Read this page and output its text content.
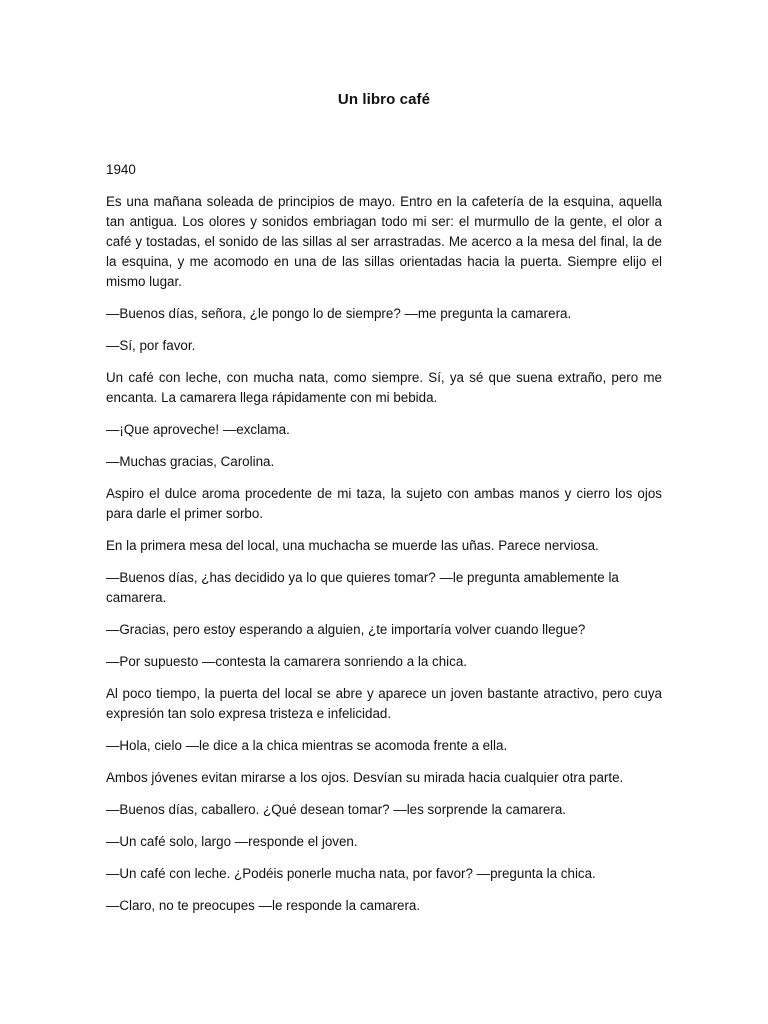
Un libro café

1940

Es una mañana soleada de principios de mayo. Entro en la cafetería de la esquina, aquella tan antigua. Los olores y sonidos embriagan todo mi ser: el murmullo de la gente, el olor a café y tostadas, el sonido de las sillas al ser arrastradas. Me acerco a la mesa del final, la de la esquina, y me acomodo en una de las sillas orientadas hacia la puerta. Siempre elijo el mismo lugar.

—Buenos días, señora, ¿le pongo lo de siempre? —me pregunta la camarera.

—Sí, por favor.

Un café con leche, con mucha nata, como siempre. Sí, ya sé que suena extraño, pero me encanta. La camarera llega rápidamente con mi bebida.

—¡Que aproveche! —exclama.

—Muchas gracias, Carolina.

Aspiro el dulce aroma procedente de mi taza, la sujeto con ambas manos y cierro los ojos para darle el primer sorbo.

En la primera mesa del local, una muchacha se muerde las uñas. Parece nerviosa.

—Buenos días, ¿has decidido ya lo que quieres tomar? —le pregunta amablemente la camarera.

—Gracias, pero estoy esperando a alguien, ¿te importaría volver cuando llegue?

—Por supuesto —contesta la camarera sonriendo a la chica.

Al poco tiempo, la puerta del local se abre y aparece un joven bastante atractivo, pero cuya expresión tan solo expresa tristeza e infelicidad.

—Hola, cielo —le dice a la chica mientras se acomoda frente a ella.

Ambos jóvenes evitan mirarse a los ojos. Desvían su mirada hacia cualquier otra parte.

—Buenos días, caballero. ¿Qué desean tomar? —les sorprende la camarera.

—Un café solo, largo —responde el joven.

—Un café con leche. ¿Podéis ponerle mucha nata, por favor? —pregunta la chica.

—Claro, no te preocupes —le responde la camarera.
